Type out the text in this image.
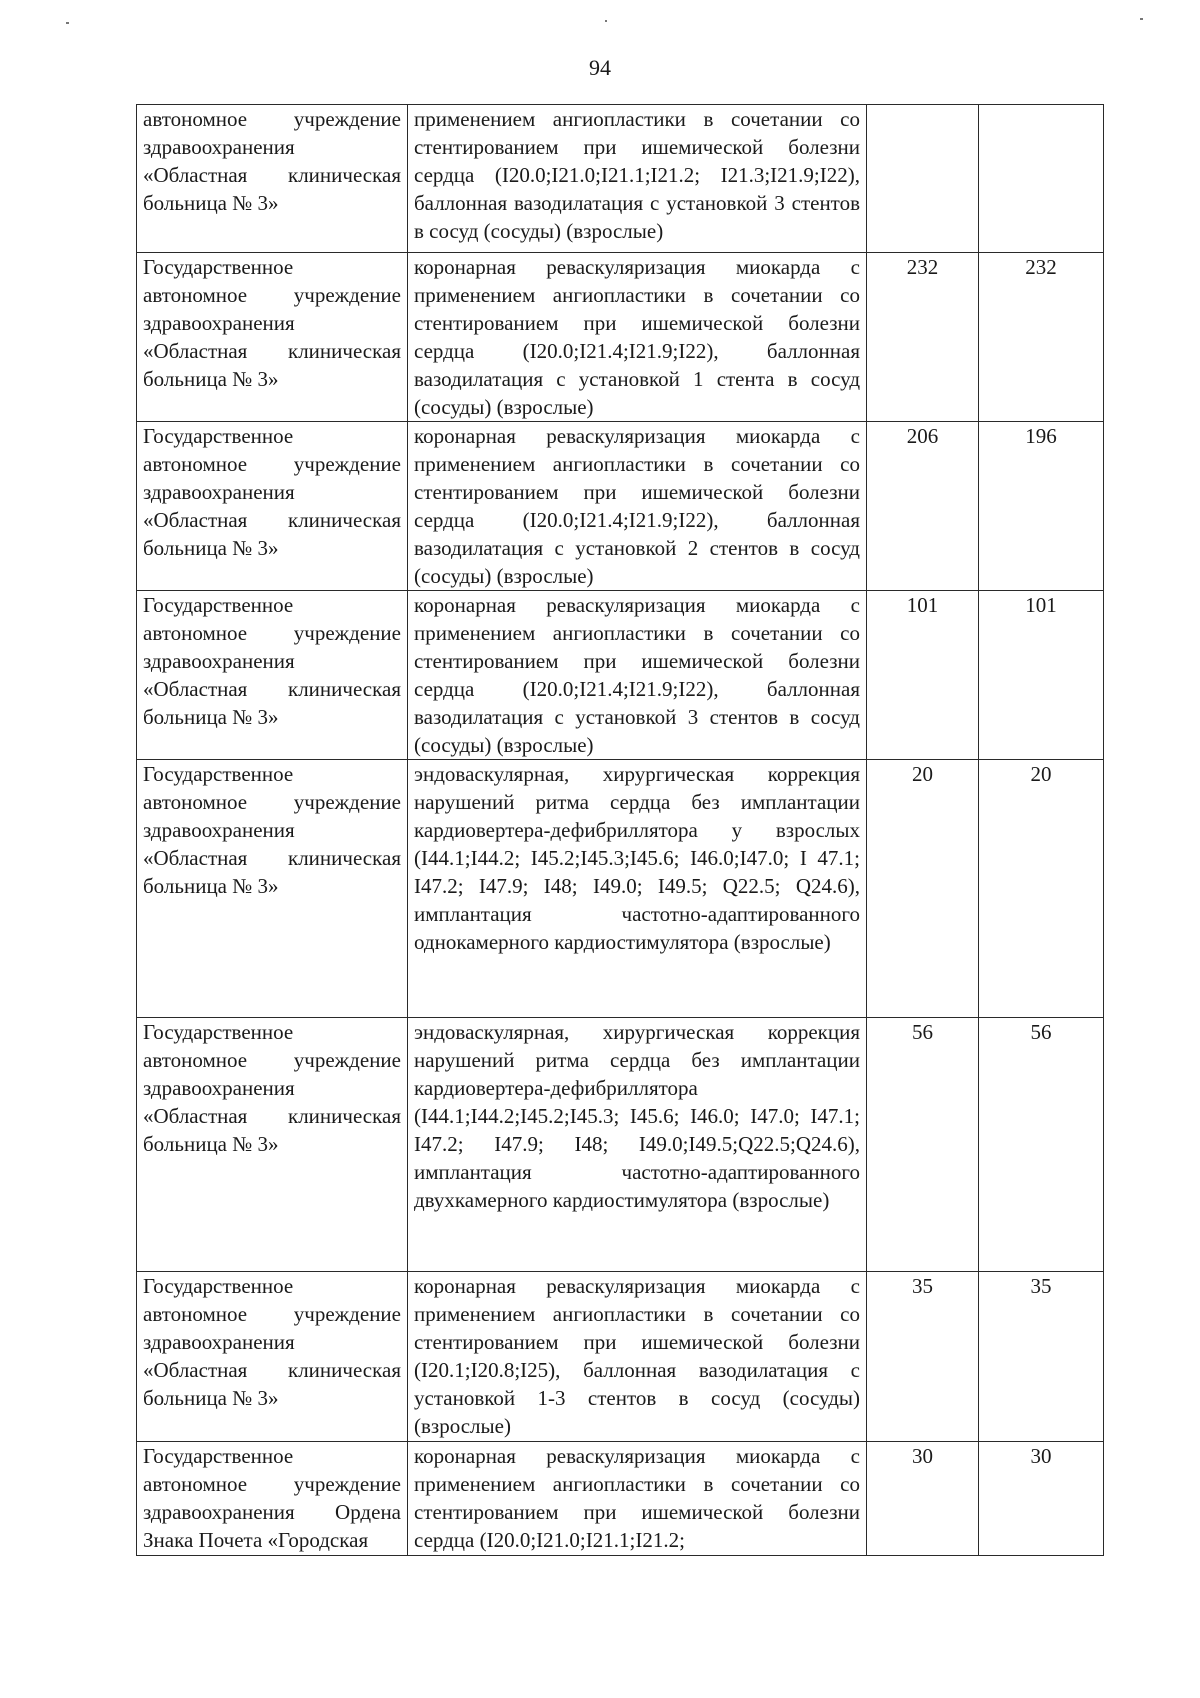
94
автономное учреждение здравоохранения «Областная клиническая больница № 3»	применением ангиопластики в сочетании со стентированием при ишемической болезни сердца (I20.0;I21.0;I21.1;I21.2; I21.3;I21.9;I22), баллонная вазодилатация с установкой 3 стентов в сосуд (сосуды) (взрослые)		
Государственное автономное учреждение здравоохранения «Областная клиническая больница № 3»	коронарная реваскуляризация миокарда с применением ангиопластики в сочетании со стентированием при ишемической болезни сердца (I20.0;I21.4;I21.9;I22), баллонная вазодилатация с установкой 1 стента в сосуд (сосуды) (взрослые)	232	232
Государственное автономное учреждение здравоохранения «Областная клиническая больница № 3»	коронарная реваскуляризация миокарда с применением ангиопластики в сочетании со стентированием при ишемической болезни сердца (I20.0;I21.4;I21.9;I22), баллонная вазодилатация с установкой 2 стентов в сосуд (сосуды) (взрослые)	206	196
Государственное автономное учреждение здравоохранения «Областная клиническая больница № 3»	коронарная реваскуляризация миокарда с применением ангиопластики в сочетании со стентированием при ишемической болезни сердца (I20.0;I21.4;I21.9;I22), баллонная вазодилатация с установкой 3 стентов в сосуд (сосуды) (взрослые)	101	101
Государственное автономное учреждение здравоохранения «Областная клиническая больница № 3»	эндоваскулярная, хирургическая коррекция нарушений ритма сердца без имплантации кардиовертера-дефибриллятора у взрослых (I44.1;I44.2; I45.2;I45.3;I45.6; I46.0;I47.0; I 47.1; I47.2; I47.9; I48; I49.0; I49.5; Q22.5; Q24.6), имплантация частотно-адаптированного однокамерного кардиостимулятора (взрослые)	20	20
Государственное автономное учреждение здравоохранения «Областная клиническая больница № 3»	эндоваскулярная, хирургическая коррекция нарушений ритма сердца без имплантации кардиовертера-дефибриллятора (I44.1;I44.2;I45.2;I45.3; I45.6; I46.0; I47.0; I47.1; I47.2; I47.9; I48; I49.0;I49.5;Q22.5;Q24.6), имплантация частотно-адаптированного двухкамерного кардиостимулятора (взрослые)	56	56
Государственное автономное учреждение здравоохранения «Областная клиническая больница № 3»	коронарная реваскуляризация миокарда с применением ангиопластики в сочетании со стентированием при ишемической болезни (I20.1;I20.8;I25), баллонная вазодилатация с установкой 1-3 стентов в сосуд (сосуды) (взрослые)	35	35
Государственное автономное учреждение здравоохранения Ордена Знака Почета «Городская	коронарная реваскуляризация миокарда с применением ангиопластики в сочетании со стентированием при ишемической болезни сердца (I20.0;I21.0;I21.1;I21.2;	30	30
